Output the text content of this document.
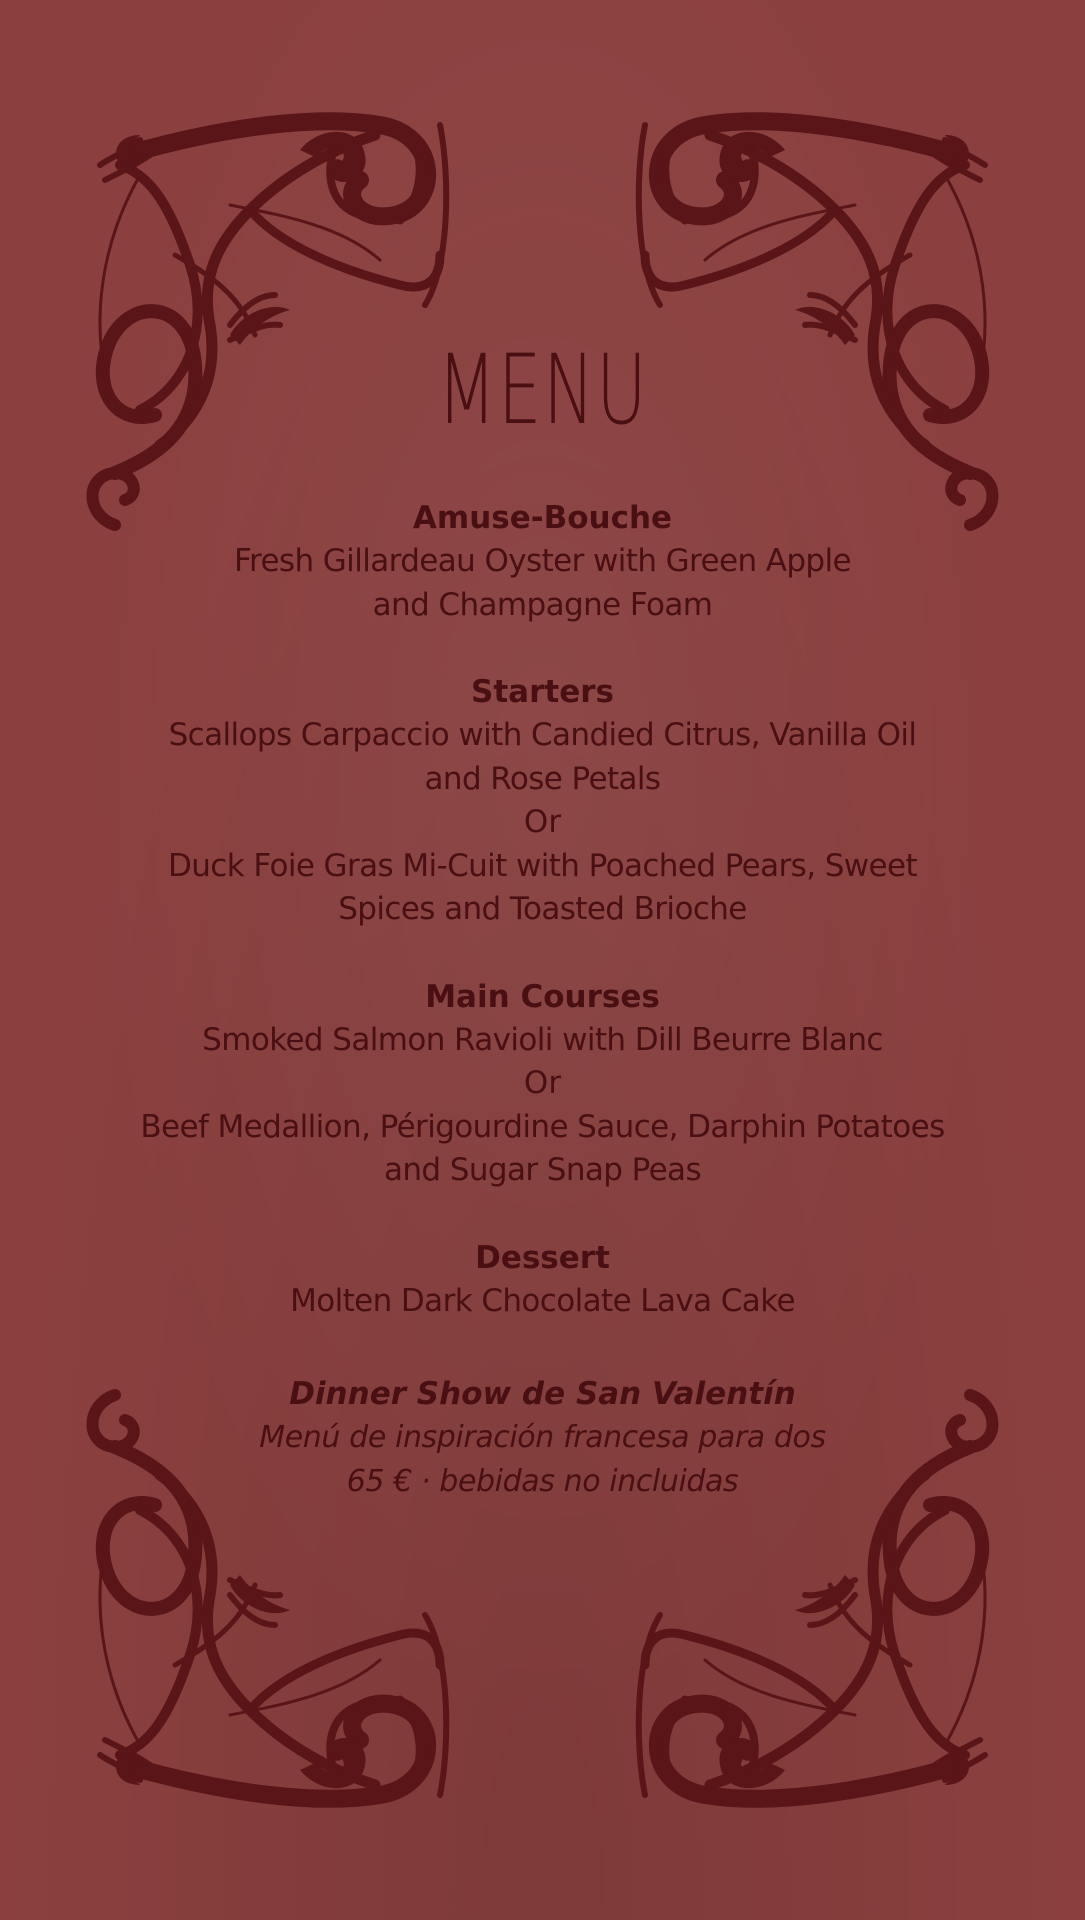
MENU
Amuse-Bouche
Fresh Gillardeau Oyster with Green Apple
and Champagne Foam
Starters
Scallops Carpaccio with Candied Citrus, Vanilla Oil
and Rose Petals
Or
Duck Foie Gras Mi-Cuit with Poached Pears, Sweet
Spices and Toasted Brioche
Main Courses
Smoked Salmon Ravioli with Dill Beurre Blanc
Or
Beef Medallion, Périgourdine Sauce, Darphin Potatoes
and Sugar Snap Peas
Dessert
Molten Dark Chocolate Lava Cake
Dinner Show de San Valentín
Menú de inspiración francesa para dos
65 € · bebidas no incluidas
